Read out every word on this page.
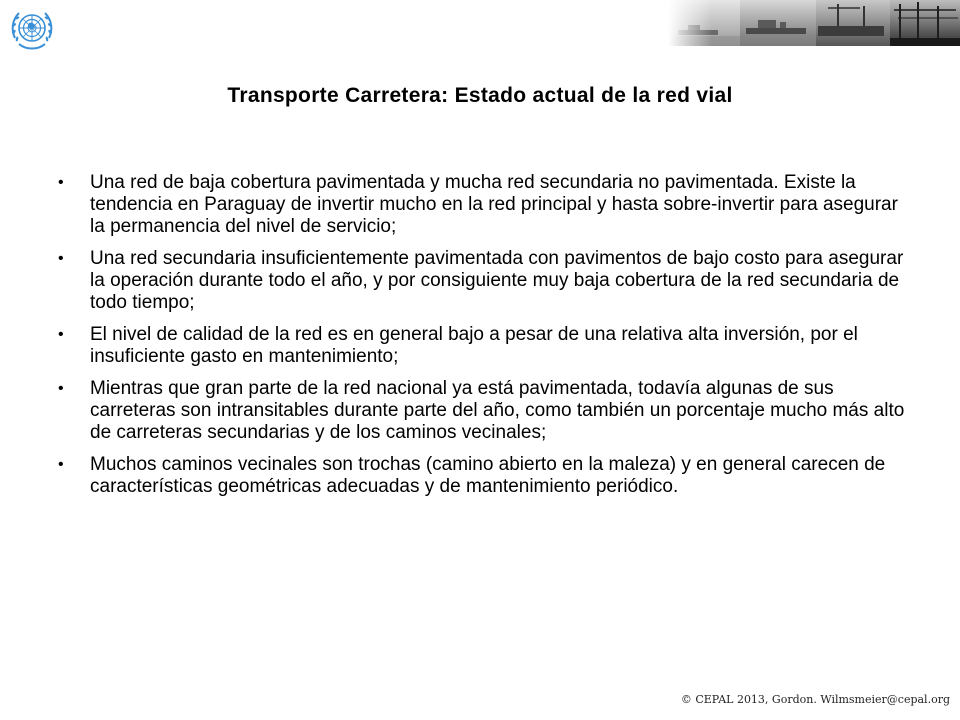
Transporte Carretera: Estado actual de la red vial
• Una red de baja cobertura pavimentada y mucha red secundaria no pavimentada. Existe la tendencia en Paraguay de invertir mucho en la red principal y hasta sobre-invertir para asegurar la permanencia del nivel de servicio;
• Una red secundaria insuficientemente pavimentada con pavimentos de bajo costo para asegurar la operación durante todo el año, y por consiguiente muy baja cobertura de la red secundaria de todo tiempo;
• El nivel de calidad de la red es en general bajo a pesar de una relativa alta inversión, por el insuficiente gasto en mantenimiento;
• Mientras que gran parte de la red nacional ya está pavimentada, todavía algunas de sus carreteras son intransitables durante parte del año, como también un porcentaje mucho más alto de carreteras secundarias y de los caminos vecinales;
• Muchos caminos vecinales son trochas (camino abierto en la maleza) y en general carecen de características geométricas adecuadas y de mantenimiento periódico.
© CEPAL 2013, Gordon. Wilmsmeier@cepal.org
